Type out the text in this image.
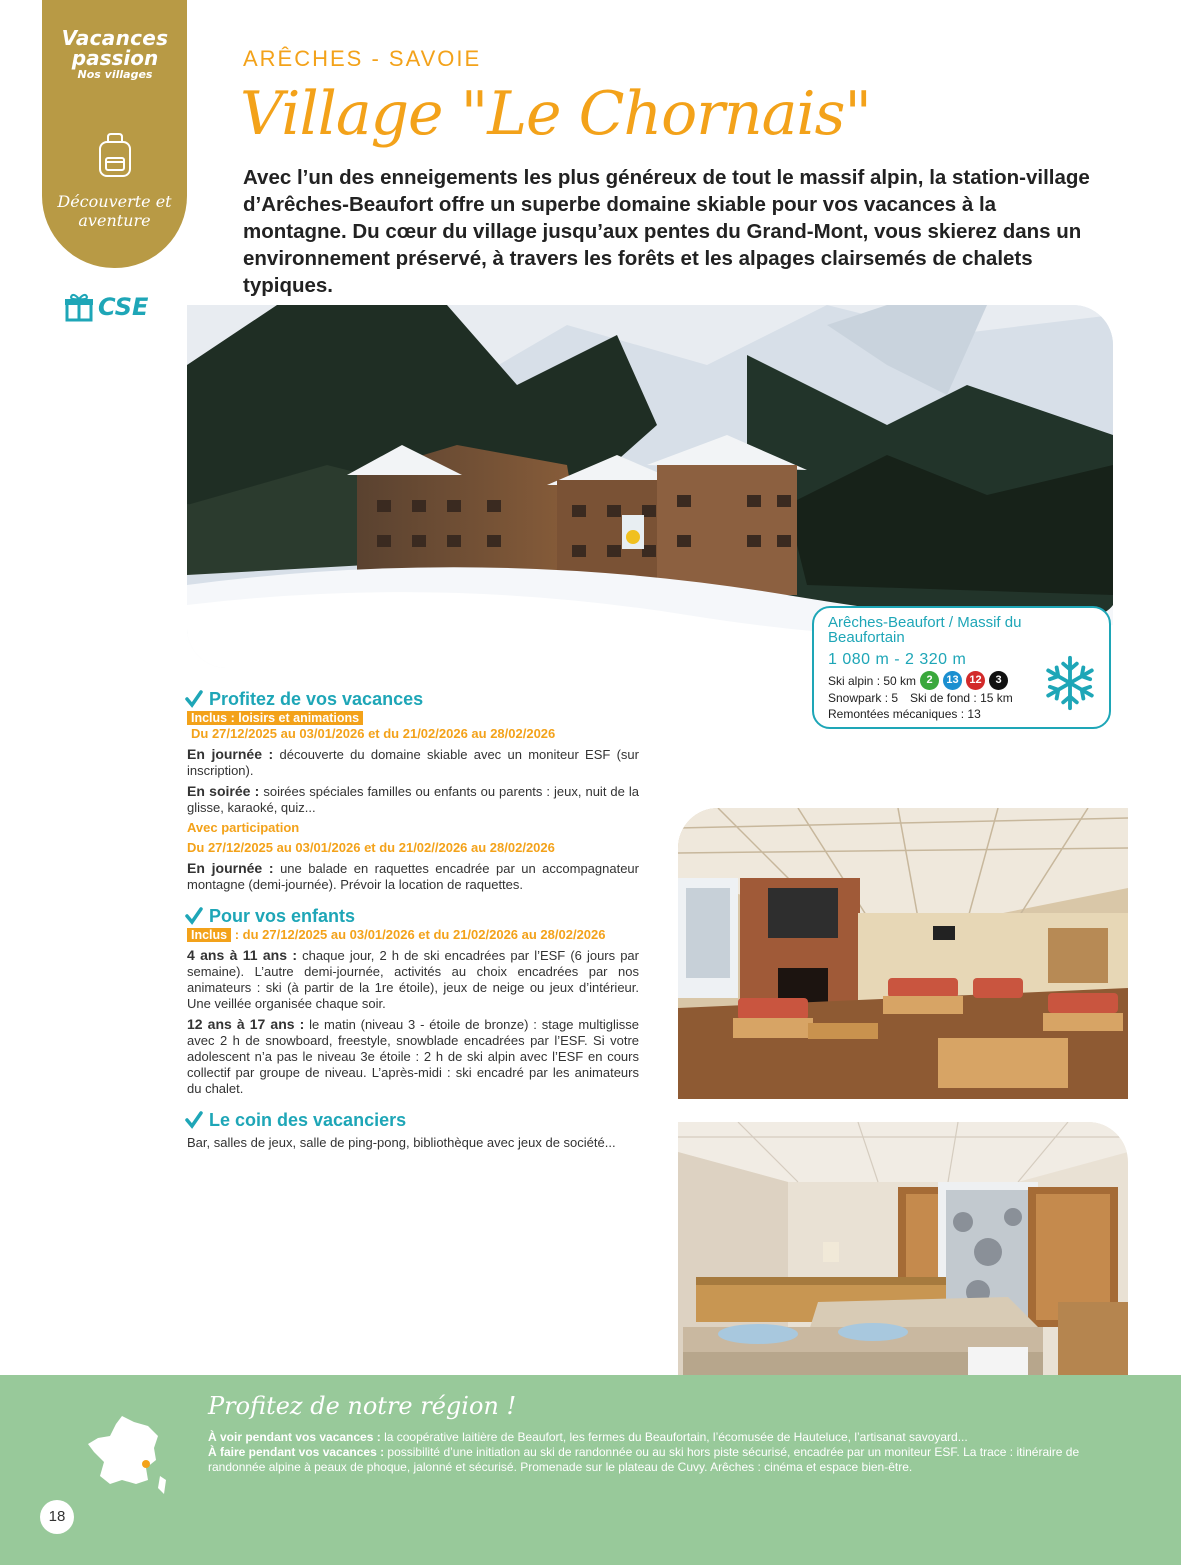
Vacances
passion
Nos villages
Découverte et aventure
CSE
ARÊCHES - SAVOIE
Village "Le Chornais"
Avec l’un des enneigements les plus généreux de tout le massif alpin, la station-village d’Arêches-Beaufort offre un superbe domaine skiable pour vos vacances à la montagne. Du cœur du village jusqu’aux pentes du Grand-Mont, vous skierez dans un environnement préservé, à travers les forêts et les alpages clairsemés de chalets typiques.
Arêches-Beaufort / Massif du Beaufortain
1 080 m - 2 320 m
Ski alpin : 50 km 2	13 12	3
Snowpark : 5 Ski de fond : 15 km
Remontées mécaniques : 13
Profitez de vos vacances
Inclus : loisirs et animations
Du 27/12/2025 au 03/01/2026 et du 21/02/2026 au 28/02/2026
En journée : découverte du domaine skiable avec un moniteur ESF (sur inscription).
En soirée : soirées spéciales familles ou enfants ou parents : jeux, nuit de la glisse, karaoké, quiz...
Avec participation
Du 27/12/2025 au 03/01/2026 et du 21/02//2026 au 28/02/2026
En journée : une balade en raquettes encadrée par un accompagnateur montagne (demi-journée). Prévoir la location de raquettes.
Pour vos enfants
Inclus : du 27/12/2025 au 03/01/2026 et du 21/02/2026 au 28/02/2026
4 ans à 11 ans : chaque jour, 2 h de ski encadrées par l’ESF (6 jours par semaine). L’autre demi-journée, activités au choix encadrées par nos animateurs : ski (à partir de la 1re étoile), jeux de neige ou jeux d’intérieur. Une veillée organisée chaque soir.
12 ans à 17 ans : le matin (niveau 3 - étoile de bronze) : stage multiglisse avec 2 h de snowboard, freestyle, snowblade encadrées par l’ESF. Si votre adolescent n’a pas le niveau 3e étoile : 2 h de ski alpin avec l’ESF en cours collectif par groupe de niveau. L’après-midi : ski encadré par les animateurs du chalet.
Le coin des vacanciers
Bar, salles de jeux, salle de ping-pong, bibliothèque avec jeux de société...
Profitez de notre région !
À voir pendant vos vacances : la coopérative laitière de Beaufort, les fermes du Beaufortain, l’écomusée de Hauteluce, l’artisanat savoyard...
À faire pendant vos vacances : possibilité d’une initiation au ski de randonnée ou au ski hors piste sécurisé, encadrée par un moniteur ESF. La trace : itinéraire de randonnée alpine à peaux de phoque, jalonné et sécurisé. Promenade sur le plateau de Cuvy. Arêches : cinéma et espace bien-être.
18
